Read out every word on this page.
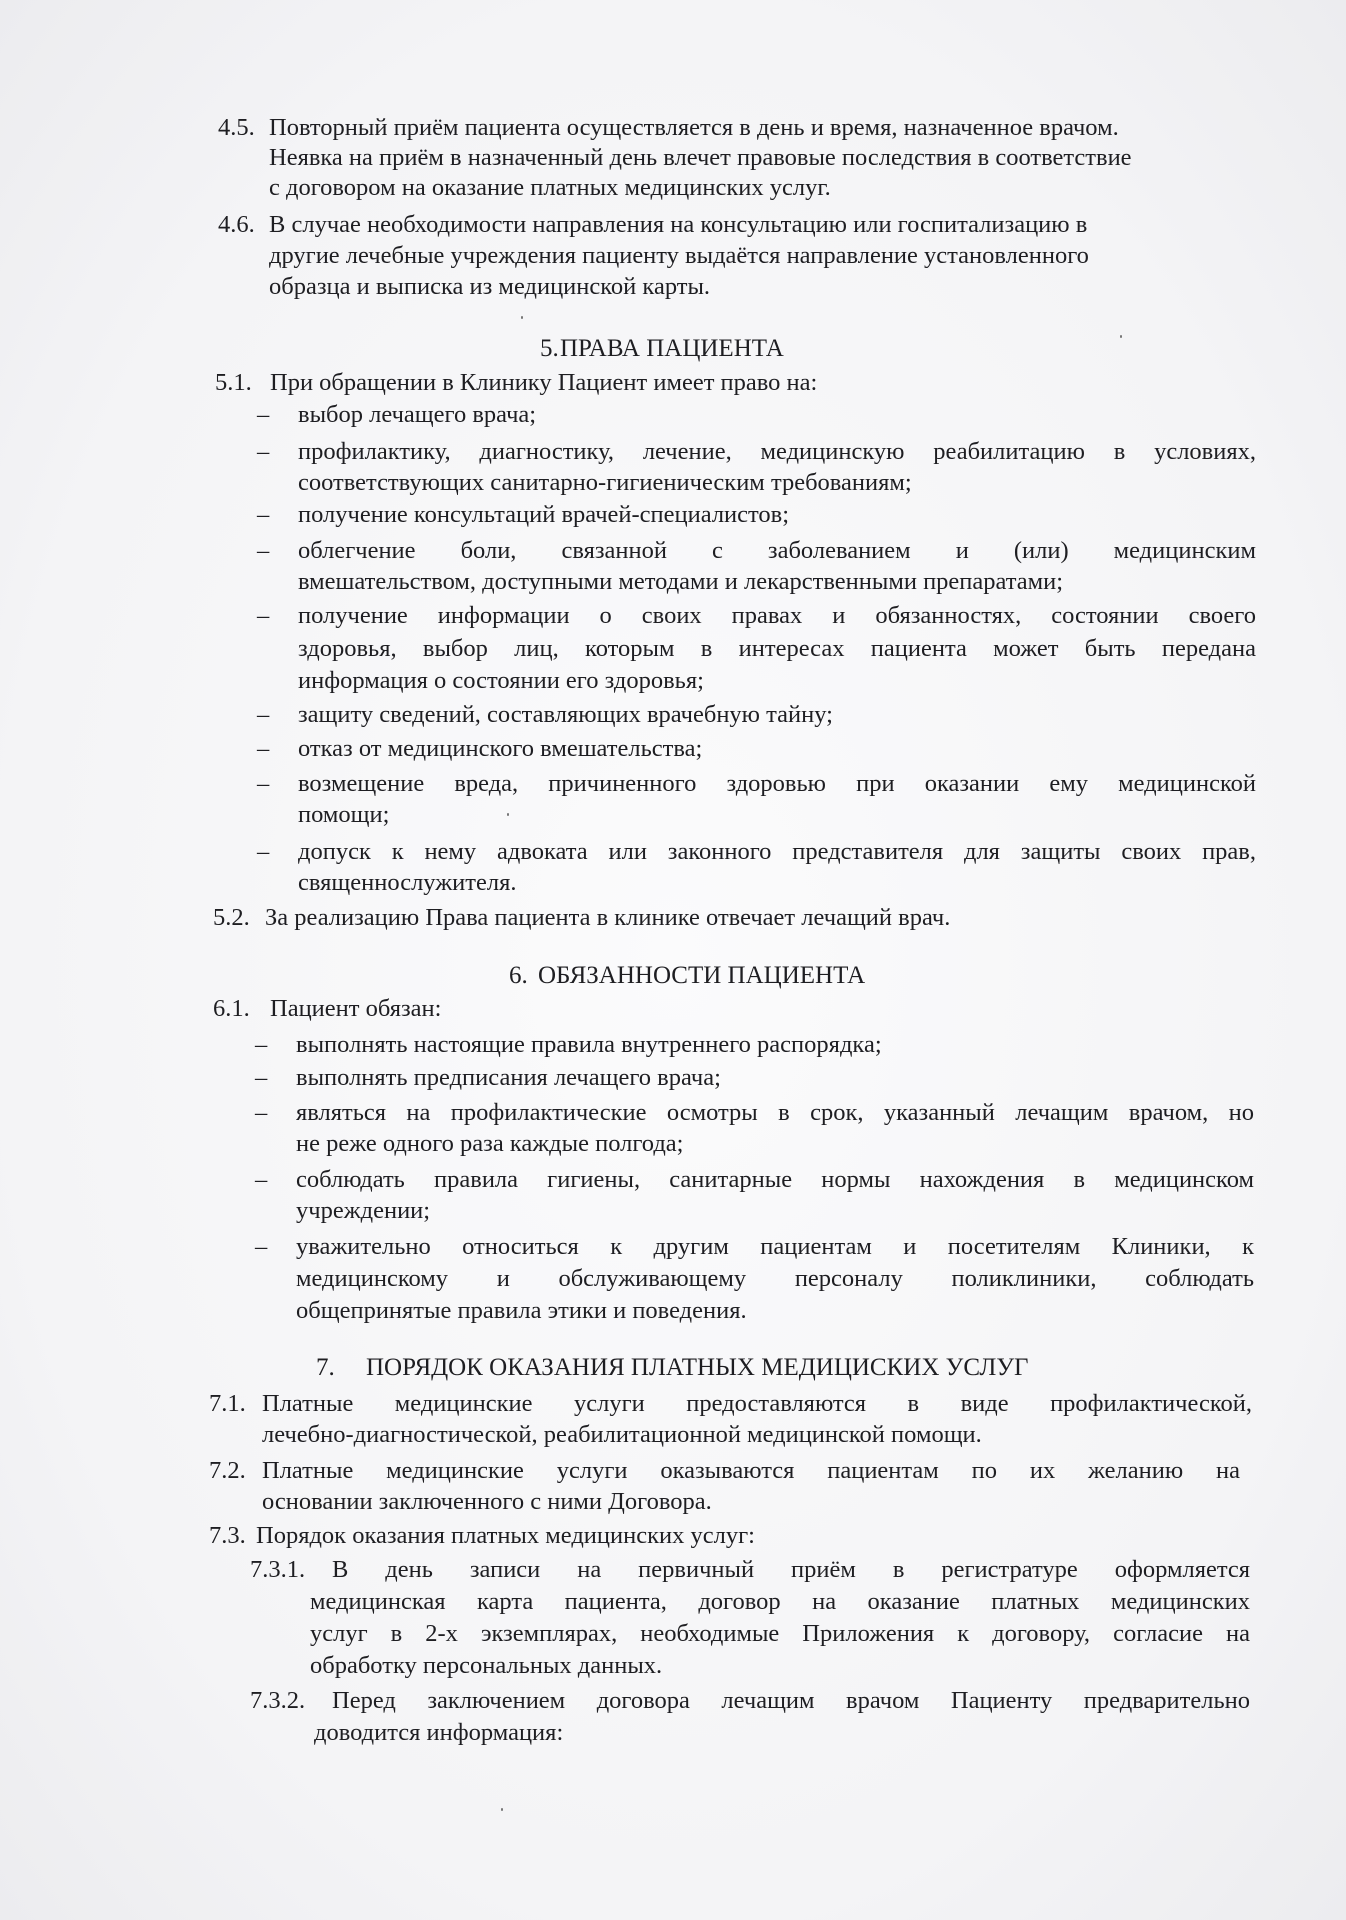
4.5. Повторный приём пациента осуществляется в день и время, назначенное врачом.
Неявка на приём в назначенный день влечет правовые последствия в соответствие
с договором на оказание платных медицинских услуг.
4.6. В случае необходимости направления на консультацию или госпитализацию в
другие лечебные учреждения пациенту выдаётся направление установленного
образца и выписка из медицинской карты.
5. ПРАВА ПАЦИЕНТА
5.1. При обращении в Клинику Пациент имеет право на:
– выбор лечащего врача;
– профилактику, диагностику, лечение, медицинскую реабилитацию в условиях,
соответствующих санитарно-гигиеническим требованиям;
– получение консультаций врачей-специалистов;
– облегчение боли, связанной с заболеванием и (или) медицинским
вмешательством, доступными методами и лекарственными препаратами;
– получение информации о своих правах и обязанностях, состоянии своего
здоровья, выбор лиц, которым в интересах пациента может быть передана
информация о состоянии его здоровья;
– защиту сведений, составляющих врачебную тайну;
– отказ от медицинского вмешательства;
– возмещение вреда, причиненного здоровью при оказании ему медицинской
помощи;
– допуск к нему адвоката или законного представителя для защиты своих прав,
священнослужителя.
5.2. За реализацию Права пациента в клинике отвечает лечащий врач.
6. ОБЯЗАННОСТИ ПАЦИЕНТА
6.1. Пациент обязан:
– выполнять настоящие правила внутреннего распорядка;
– выполнять предписания лечащего врача;
– являться на профилактические осмотры в срок, указанный лечащим врачом, но
не реже одного раза каждые полгода;
– соблюдать правила гигиены, санитарные нормы нахождения в медицинском
учреждении;
– уважительно относиться к другим пациентам и посетителям Клиники, к
медицинскому и обслуживающему персоналу поликлиники, соблюдать
общепринятые правила этики и поведения.
7. ПОРЯДОК ОКАЗАНИЯ ПЛАТНЫХ МЕДИЦИСКИХ УСЛУГ
7.1. Платные медицинские услуги предоставляются в виде профилактической,
лечебно-диагностической, реабилитационной медицинской помощи.
7.2. Платные медицинские услуги оказываются пациентам по их желанию на
основании заключенного с ними Договора.
7.3. Порядок оказания платных медицинских услуг:
7.3.1. В день записи на первичный приём в регистратуре оформляется
медицинская карта пациента, договор на оказание платных медицинских
услуг в 2-х экземплярах, необходимые Приложения к договору, согласие на
обработку персональных данных.
7.3.2. Перед заключением договора лечащим врачом Пациенту предварительно
доводится информация:
